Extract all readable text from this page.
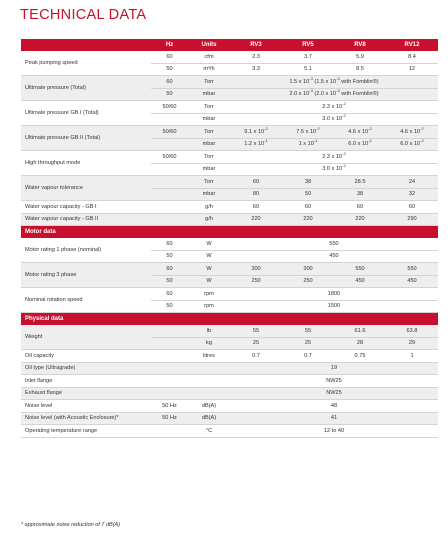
TECHNICAL DATA
	Hz	Units	RV3	RV5	RV8	RV12
Peak pumping speed	60	cfm	2.3	3.7	5.9	8.4
	50	m³/h	3.3	5.1	8.5	12
Ultimate pressure (Total)	60	Torr	1.5 x $10^{-3}$ (1.5 x $10^{-3}$ with Fomblin®)			
	50	mbar	2.0 x $10^{-3}$ (2.0 x $10^{-3}$ with Fomblin®)			
Ultimate pressure GB I (Total)	50/60	Torr	2.3 x $10^{-2}$
		mbar	3.0 x $10^{-2}$
Ultimate pressure GB II (Total)	50/60	Torr	9.1 x $10^{-2}$	7.5 x $10^{-2}$	4.6 x $10^{-2}$	4.6 x $10^{-2}$
		mbar	1.2 x $10^{-1}$	1 x $10^{-1}$	6.0 x $10^{-2}$	6.0 x $10^{-2}$
High throughput mode	50/60	Torr	2.3 x $10^{-2}$
		mbar	3.0 x $10^{-2}$
Water vapour tolerance		Torr	60	38	28.5	24
		mbar	80	50	38	32
Water vapour capacity - GB I		g/h	60	60	60	60
Water vapour capacity - GB II		g/h	220	220	220	290
Motor data						
Motor rating 1 phase (nominal)	60	W	550			
	50	W	450			
Motor rating 3 phase	60	W	300	300	550	550
	50	W	250	250	450	450
Nominal rotation speed	60	rpm	1800			
	50	rpm	1500			
Physical data						
Weight		lb	55	55	61.6	63.8
		kg	25	25	28	29
Oil capacity		litres	0.7	0.7	0.75	1
Oil type (Ultragrade)			19			
Inlet flange			NW25			
Exhaust flange			NW25			
Noise level	50 Hz	dB(A)	48			
Noise level (with Acoustic Enclosure)*	50 Hz	dB(A)	41			
Operating temperature range		°C	12 to 40			
* approximate noise reduction of 7 dB(A)
